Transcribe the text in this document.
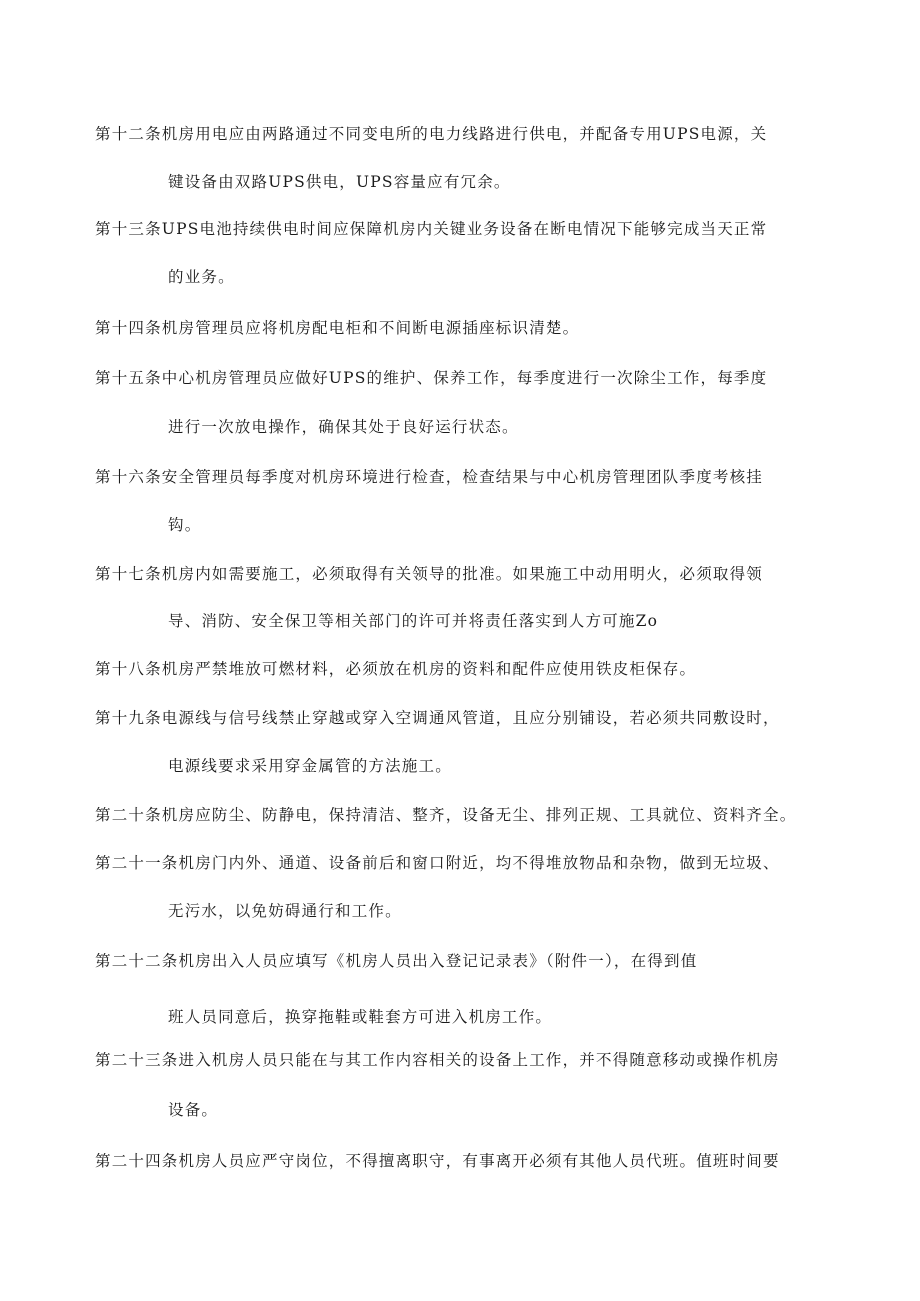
第十二条机房用电应由两路通过不同变电所的电力线路进行供电，并配备专用UPS电源，关
键设备由双路UPS供电，UPS容量应有冗余。
第十三条UPS电池持续供电时间应保障机房内关键业务设备在断电情况下能够完成当天正常
的业务。
第十四条机房管理员应将机房配电柜和不间断电源插座标识清楚。
第十五条中心机房管理员应做好UPS的维护、保养工作，每季度进行一次除尘工作，每季度
进行一次放电操作，确保其处于良好运行状态。
第十六条安全管理员每季度对机房环境进行检查，检查结果与中心机房管理团队季度考核挂
钩。
第十七条机房内如需要施工，必须取得有关领导的批准。如果施工中动用明火，必须取得领
导、消防、安全保卫等相关部门的许可并将责任落实到人方可施Zo
第十八条机房严禁堆放可燃材料，必须放在机房的资料和配件应使用铁皮柜保存。
第十九条电源线与信号线禁止穿越或穿入空调通风管道，且应分别铺设，若必须共同敷设时，
电源线要求采用穿金属管的方法施工。
第二十条机房应防尘、防静电，保持清洁、整齐，设备无尘、排列正规、工具就位、资料齐全。
第二十一条机房门内外、通道、设备前后和窗口附近，均不得堆放物品和杂物，做到无垃圾、
无污水，以免妨碍通行和工作。
第二十二条机房出入人员应填写《机房人员出入登记记录表》（附件一），在得到值
班人员同意后，换穿拖鞋或鞋套方可进入机房工作。
第二十三条进入机房人员只能在与其工作内容相关的设备上工作，并不得随意移动或操作机房
设备。
第二十四条机房人员应严守岗位，不得擅离职守，有事离开必须有其他人员代班。值班时间要
